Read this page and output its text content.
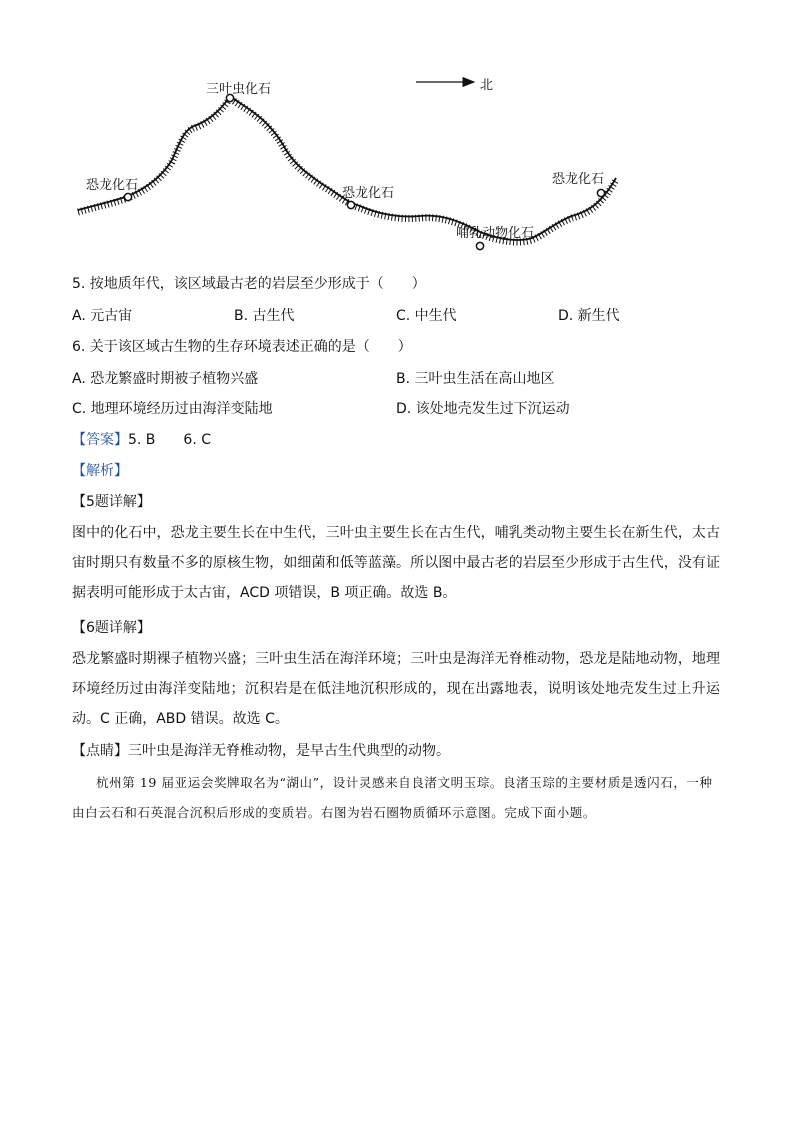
北
三叶虫化石
恐龙化石
恐龙化石
哺乳动物化石
恐龙化石
5. 按地质年代，该区域最古老的岩层至少形成于（　　）
A. 元古宙	B. 古生代	C. 中生代	D. 新生代
6. 关于该区域古生物的生存环境表述正确的是（　　）
A. 恐龙繁盛时期被子植物兴盛	B. 三叶虫生活在高山地区
C. 地理环境经历过由海洋变陆地	D. 该处地壳发生过下沉运动
【答案】5. B　　6. C
【解析】
【5题详解】
图中的化石中，恐龙主要生长在中生代，三叶虫主要生长在古生代，哺乳类动物主要生长在新生代，太古宙时期只有数量不多的原核生物，如细菌和低等蓝藻。所以图中最古老的岩层至少形成于古生代，没有证据表明可能形成于太古宙，ACD 项错误，B 项正确。故选 B。
【6题详解】
恐龙繁盛时期裸子植物兴盛；三叶虫生活在海洋环境；三叶虫是海洋无脊椎动物，恐龙是陆地动物，地理环境经历过由海洋变陆地；沉积岩是在低洼地沉积形成的，现在出露地表，说明该处地壳发生过上升运动。C 正确，ABD 错误。故选 C。
【点睛】三叶虫是海洋无脊椎动物，是早古生代典型的动物。
杭州第 19 届亚运会奖牌取名为“湖山”，设计灵感来自良渚文明玉琮。良渚玉琮的主要材质是透闪石，一种由白云石和石英混合沉积后形成的变质岩。右图为岩石圈物质循环示意图。完成下面小题。
